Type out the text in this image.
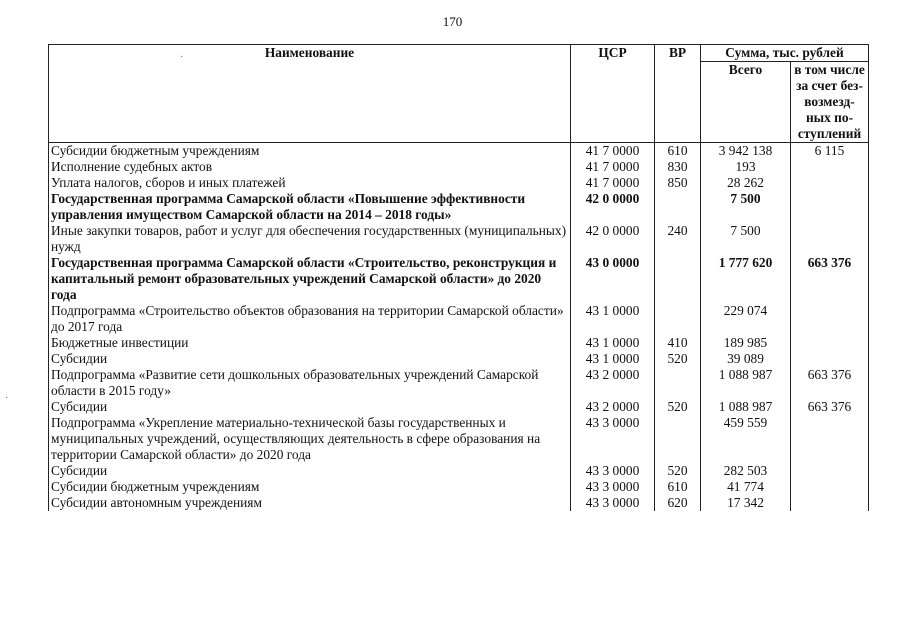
170
·
·
Наименование	ЦСР	ВР	Сумма, тыс. рублей	
			Всего	в том числе за счет без-возмезд-ных по-ступлений
Субсидии бюджетным учреждениям	41 7 0000	610	3 942 138	6 115
Исполнение судебных актов	41 7 0000	830	193	
Уплата налогов, сборов и иных платежей	41 7 0000	850	28 262	
Государственная программа Самарской области «Повышение эффективности управления имуществом Самарской области на 2014 – 2018 годы»	42 0 0000		7 500	
Иные закупки товаров, работ и услуг для обеспечения государственных (муниципальных) нужд	42 0 0000	240	7 500	
Государственная программа Самарской области «Строительство, реконструкция и капитальный ремонт образовательных учреждений Самарской области» до 2020 года	43 0 0000		1 777 620	663 376
Подпрограмма «Строительство объектов образования на территории Самарской области» до 2017 года	43 1 0000		229 074	
Бюджетные инвестиции	43 1 0000	410	189 985	
Субсидии	43 1 0000	520	39 089	
Подпрограмма «Развитие сети дошкольных образовательных учреждений Самарской области в 2015 году»	43 2 0000		1 088 987	663 376
Субсидии	43 2 0000	520	1 088 987	663 376
Подпрограмма «Укрепление материально-технической базы государственных и муниципальных учреждений, осуществляющих деятельность в сфере образования на территории Самарской области» до 2020 года	43 3 0000		459 559	
Субсидии	43 3 0000	520	282 503	
Субсидии бюджетным учреждениям	43 3 0000	610	41 774	
Субсидии автономным учреждениям	43 3 0000	620	17 342	
